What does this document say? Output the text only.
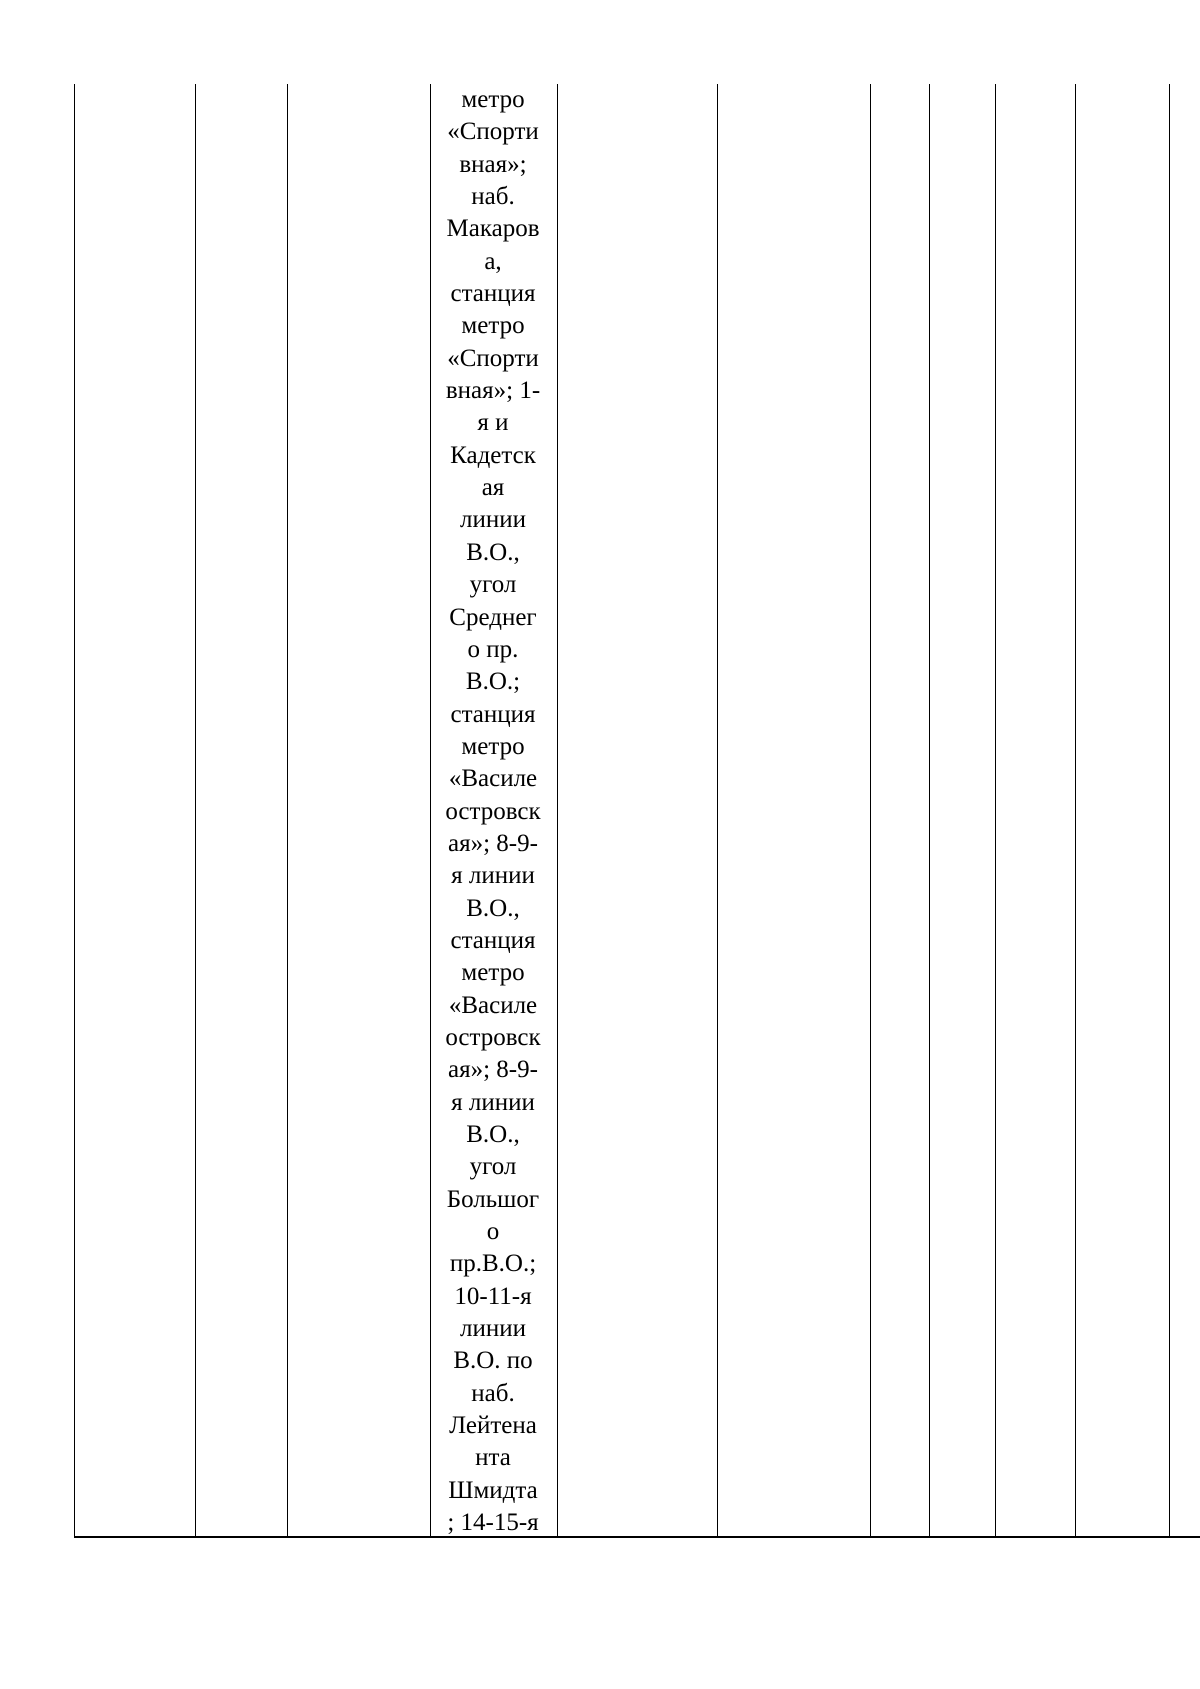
метро
«Спорти
вная»;
наб.
Макаров
а,
станция
метро
«Спорти
вная»; 1-
я и
Кадетск
ая
линии
В.О.,
угол
Среднег
о пр.
В.О.;
станция
метро
«Василе
островск
ая»; 8-9-
я линии
В.О.,
станция
метро
«Василе
островск
ая»; 8-9-
я линии
В.О.,
угол
Большог
о
пр.В.О.;
10-11-я
линии
В.О. по
наб.
Лейтена
нта
Шмидта
; 14-15-я
